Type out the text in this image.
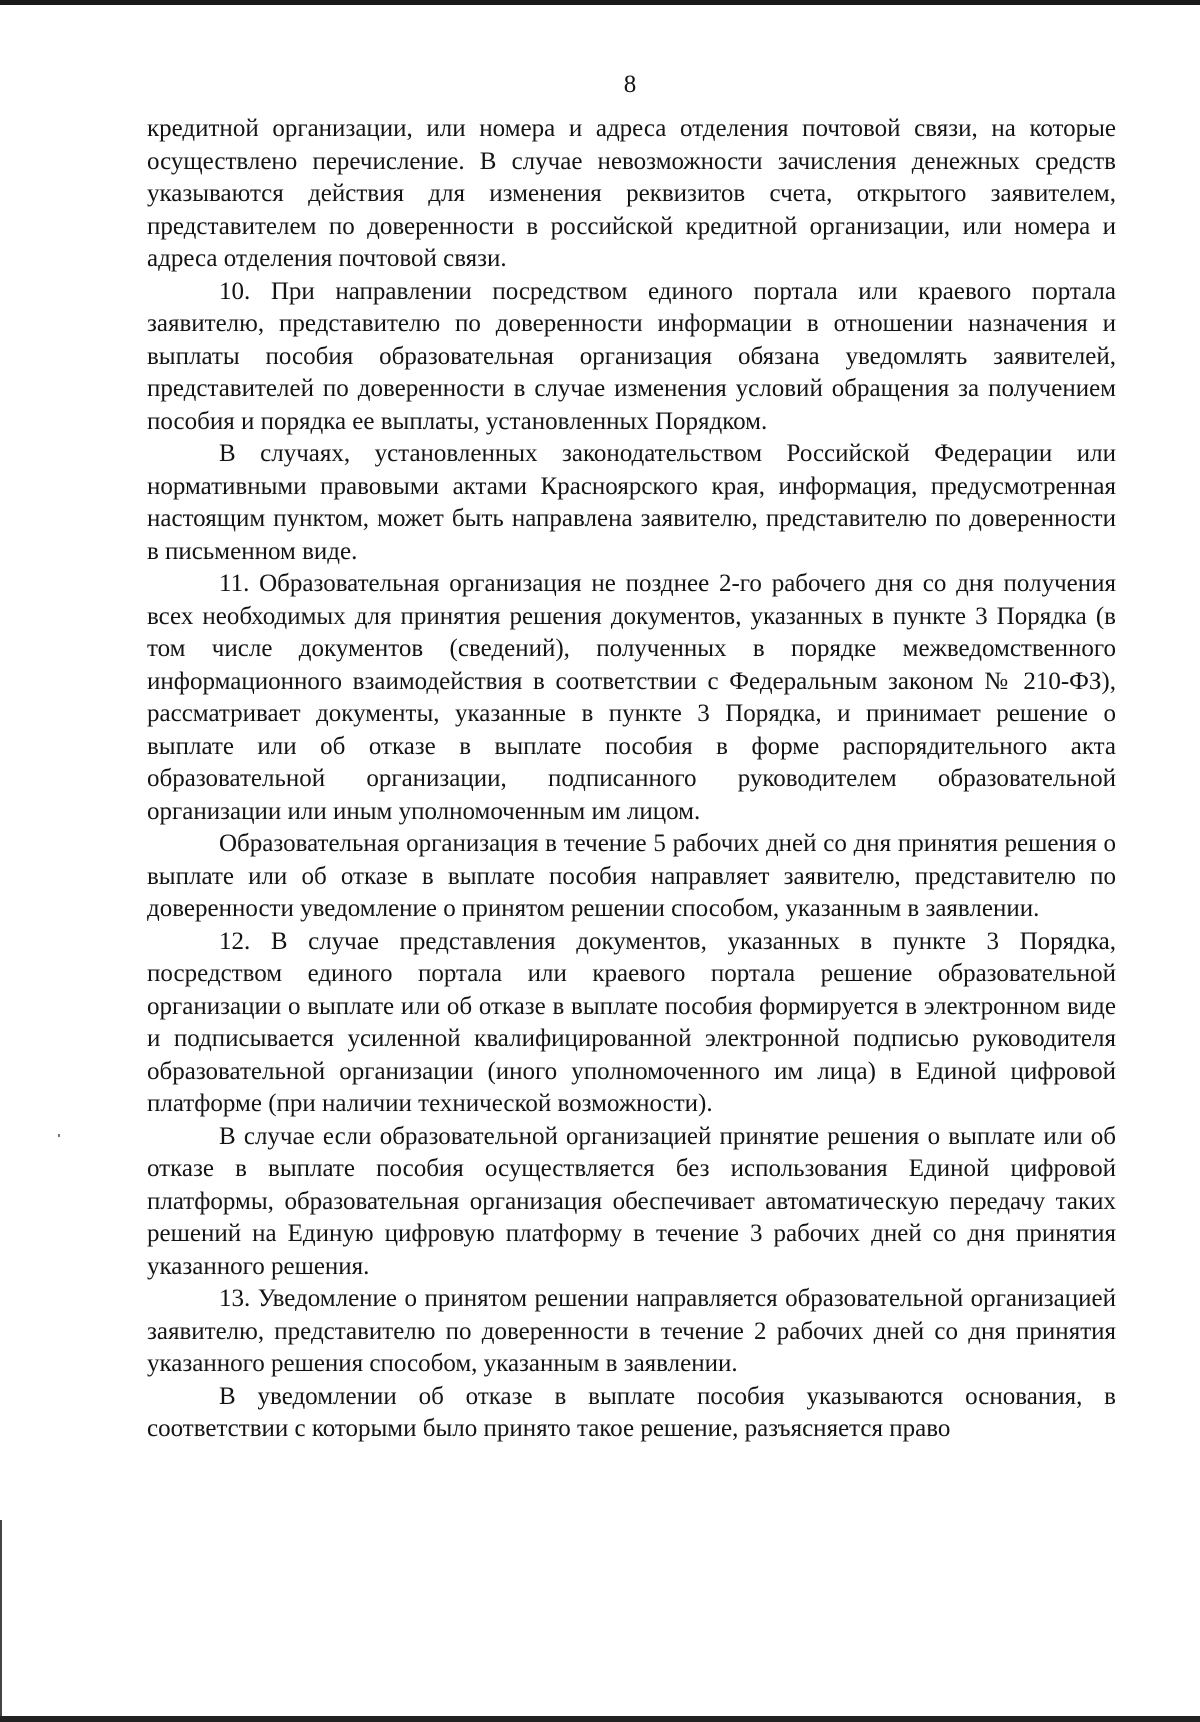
8

кредитной организации, или номера и адреса отделения почтовой связи, на которые осуществлено перечисление. В случае невозможности зачисления денежных средств указываются действия для изменения реквизитов счета, открытого заявителем, представителем по доверенности в российской кредитной организации, или номера и адреса отделения почтовой связи.

10. При направлении посредством единого портала или краевого портала заявителю, представителю по доверенности информации в отношении назначения и выплаты пособия образовательная организация обязана уведомлять заявителей, представителей по доверенности в случае изменения условий обращения за получением пособия и порядка ее выплаты, установленных Порядком.

В случаях, установленных законодательством Российской Федерации или нормативными правовыми актами Красноярского края, информация, предусмотренная настоящим пунктом, может быть направлена заявителю, представителю по доверенности в письменном виде.

11. Образовательная организация не позднее 2-го рабочего дня со дня получения всех необходимых для принятия решения документов, указанных в пункте 3 Порядка (в том числе документов (сведений), полученных в порядке межведомственного информационного взаимодействия в соответствии с Федеральным законом № 210-ФЗ), рассматривает документы, указанные в пункте 3 Порядка, и принимает решение о выплате или об отказе в выплате пособия в форме распорядительного акта образовательной организации, подписанного руководителем образовательной организации или иным уполномоченным им лицом.

Образовательная организация в течение 5 рабочих дней со дня принятия решения о выплате или об отказе в выплате пособия направляет заявителю, представителю по доверенности уведомление о принятом решении способом, указанным в заявлении.

12. В случае представления документов, указанных в пункте 3 Порядка, посредством единого портала или краевого портала решение образовательной организации о выплате или об отказе в выплате пособия формируется в электронном виде и подписывается усиленной квалифицированной электронной подписью руководителя образовательной организации (иного уполномоченного им лица) в Единой цифровой платформе (при наличии технической возможности).

В случае если образовательной организацией принятие решения о выплате или об отказе в выплате пособия осуществляется без использования Единой цифровой платформы, образовательная организация обеспечивает автоматическую передачу таких решений на Единую цифровую платформу в течение 3 рабочих дней со дня принятия указанного решения.

13. Уведомление о принятом решении направляется образовательной организацией заявителю, представителю по доверенности в течение 2 рабочих дней со дня принятия указанного решения способом, указанным в заявлении.

В уведомлении об отказе в выплате пособия указываются основания, в соответствии с которыми было принято такое решение, разъясняется право
